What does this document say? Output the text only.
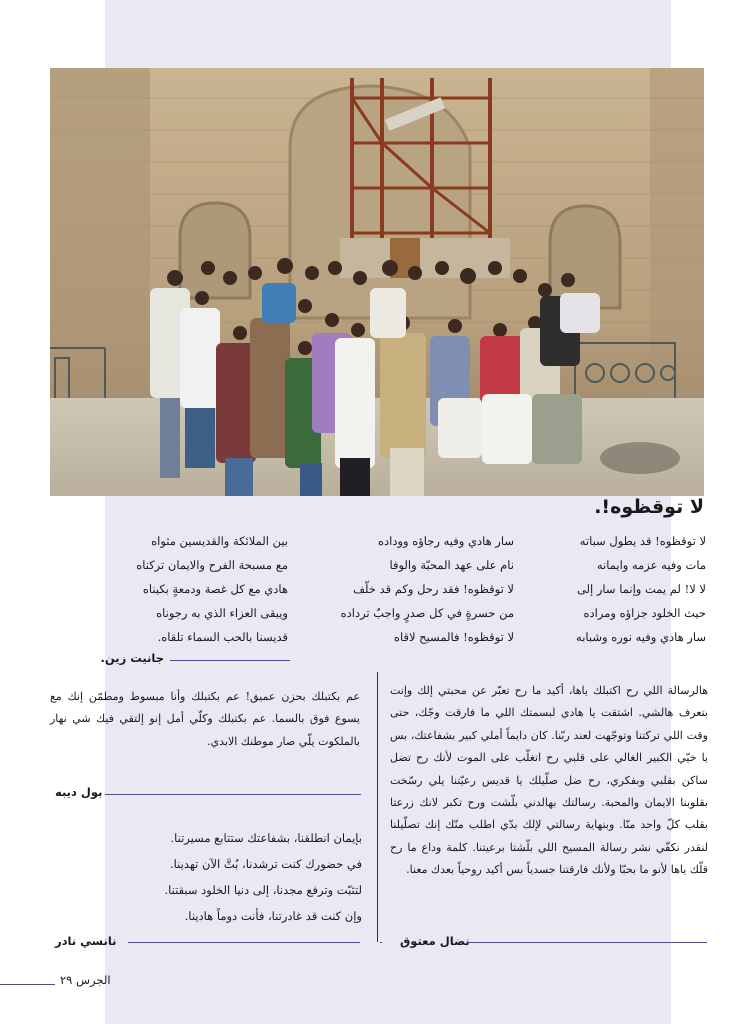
لا توقظوه!.
لا توقظوه! قد يطول سباته
مات وفيه عزمه وايمانه
لا لا! لم يمت وإنما سار إلى
حيث الخلود جزاؤه ومراده
سار هادي وفيه نوره وشبابه
سار هادي وفيه رجاؤه ووداده
نام على عهد المحبّة والوفا
لا توقظوه! فقد رحل وكم قد خلّف
من حسرةٍ في كل صدرٍ واجبٌ ترداده
لا توقظوه! فالمسيح لاقاه
بين الملائكة والقديسين مثواه
مع مسبحة الفرح والايمان تركناه
هادي مع كل غصة ودمعةٍ بكيناه
ويبقى العزاء الذي به رجوناه
قديسنا بالحب السماء تلقاه.
جانيت زين.
هالرسالة اللي رح اكتبلك ياها، أكيد ما رح تعبّر عن محبتي إلك وإنت بتعرف هالشي. اشتقت يا هادي لبسمتك اللي ما فارقت وجّك، حتى وقت اللي تركتنا وتوجّهت لعند ربّنا. كان دايماً أملي كبير بشفاعتك، بس يا خيّي الكبير الغالي على قلبي رح اتغلّب على الموت لأنك رح تضل ساكن بقلبي وبفكري، رح ضل صلّيلك يا قديس رعيّتنا يلي رسّخت بقلوبنا الايمان والمحبة. رسالتك بهالدني بلّشت ورح تكبر لانك زرعتا بقلب كلّ واحد منّا. وبنهاية رسالتي لإلك بدّي اطلب منّك إنك تصلّيلنا لنقدر نكفّي نشر رسالة المسيح اللي بلّشتا برعيتنا. كلمة وداع ما رح قلّك ياها لأنو ما بحبّا ولأنك فارقتنا جسدياً بس أكيد روحياً بعدك معنا.
نضال معتوق
عم بكتبلك بحزن عميق! عم بكتبلك وأنا مبسوط ومطمّن إنك مع يسوع فوق بالسما. عم بكتبلك وكلّي أمل إنو إلتقي فيك شي نهار بالملكوت يلّي صار موطنك الابدي.
بول ديبه
بإيمان انطلقنا، بشفاعتك ستتابع مسيرتنا.
في حضورك كنت ترشدنا، بُتَّ الآن تهدينا.
لتثبّت وترفع مجدنا، إلى دنيا الخلود سبقتنا.
وإن كنت قد غادرتنا، فأنت دوماً هادينا.
نانسي نادر
الجرس ٢٩
